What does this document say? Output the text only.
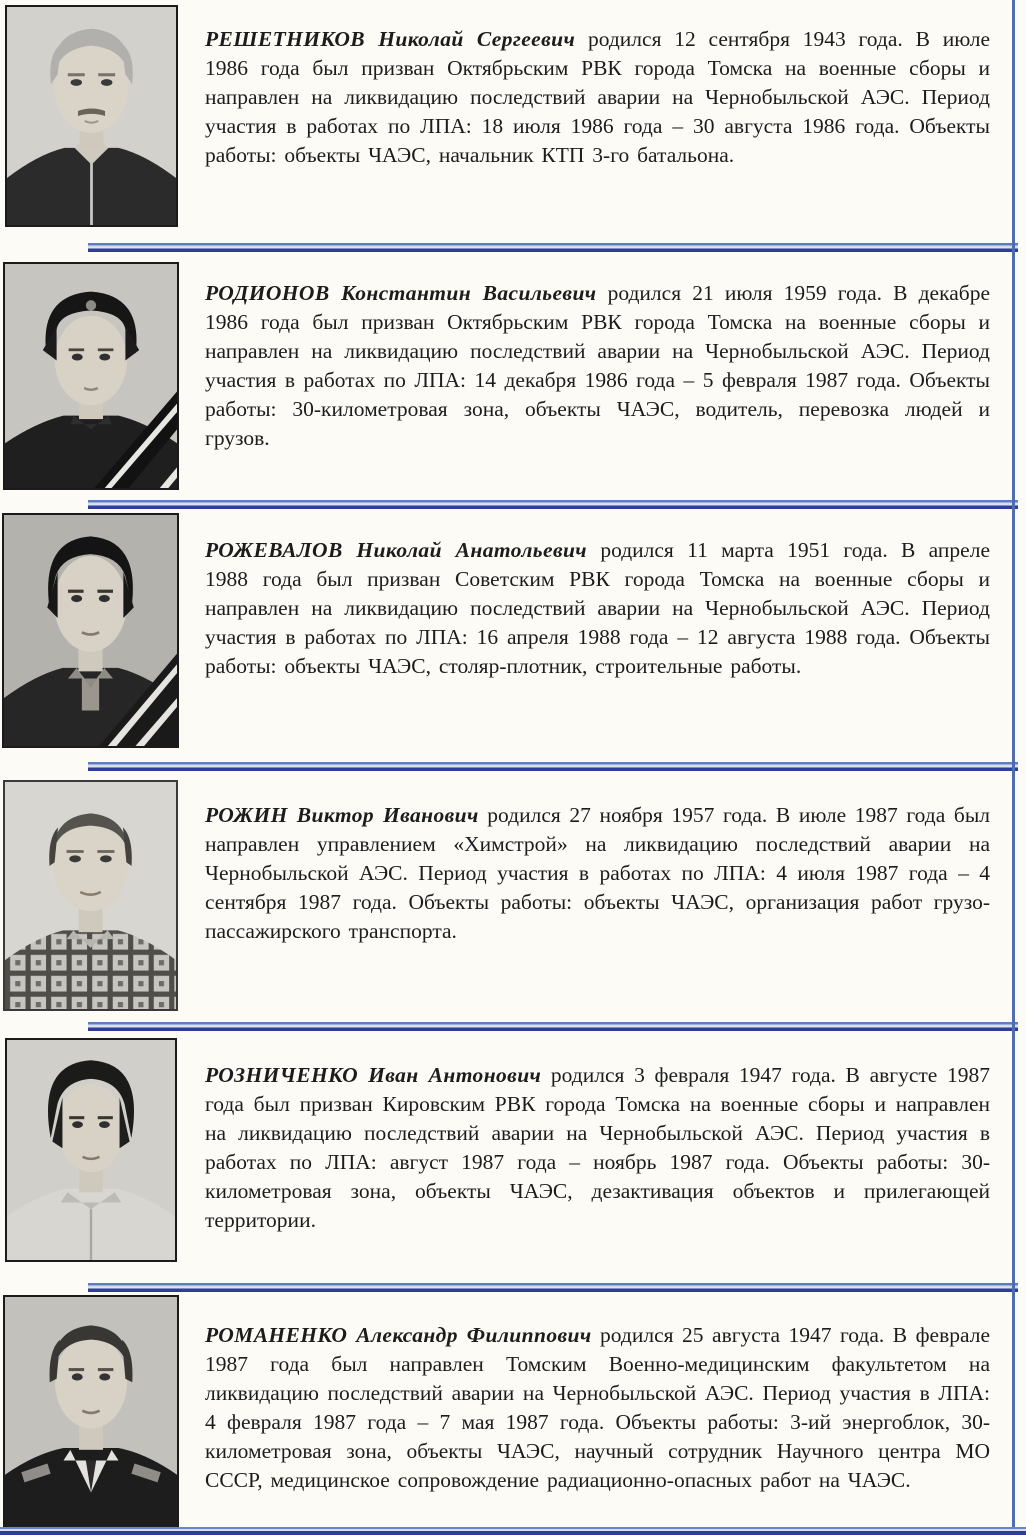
РЕШЕТНИКОВ Николай Сергеевич родился 12 сентября 1943 года. В июле 1986 года был призван Октябрьским РВК города Томска на военные сборы и направлен на ликвидацию последствий аварии на Чернобыльской АЭС. Период участия в работах по ЛПА: 18 июля 1986 года – 30 августа 1986 года. Объекты работы: объекты ЧАЭС, начальник КТП 3-го батальона.

РОДИОНОВ Константин Васильевич родился 21 июля 1959 года. В декабре 1986 года был призван Октябрьским РВК города Томска на военные сборы и направлен на ликвидацию последствий аварии на Чернобыльской АЭС. Период участия в работах по ЛПА: 14 декабря 1986 года – 5 февраля 1987 года. Объекты работы: 30-километровая зона, объекты ЧАЭС, водитель, перевозка людей и грузов.

РОЖЕВАЛОВ Николай Анатольевич родился 11 марта 1951 года. В апреле 1988 года был призван Советским РВК города Томска на военные сборы и направлен на ликвидацию последствий аварии на Чернобыльской АЭС. Период участия в работах по ЛПА: 16 апреля 1988 года – 12 августа 1988 года. Объекты работы: объекты ЧАЭС, столяр-плотник, строительные работы.

РОЖИН Виктор Иванович родился 27 ноября 1957 года. В июле 1987 года был направлен управлением «Химстрой» на ликвидацию последствий аварии на Чернобыльской АЭС. Период участия в работах по ЛПА: 4 июля 1987 года – 4 сентября 1987 года. Объекты работы: объекты ЧАЭС, организация работ грузо-пассажирского транспорта.

РОЗНИЧЕНКО Иван Антонович родился 3 февраля 1947 года. В августе 1987 года был призван Кировским РВК города Томска на военные сборы и направлен на ликвидацию последствий аварии на Чернобыльской АЭС. Период участия в работах по ЛПА: август 1987 года – ноябрь 1987 года. Объекты работы: 30-километровая зона, объекты ЧАЭС, дезактивация объектов и прилегающей территории.

РОМАНЕНКО Александр Филиппович родился 25 августа 1947 года. В феврале 1987 года был направлен Томским Военно-медицинским факультетом на ликвидацию последствий аварии на Чернобыльской АЭС. Период участия в ЛПА: 4 февраля 1987 года – 7 мая 1987 года. Объекты работы: 3-ий энергоблок, 30-километровая зона, объекты ЧАЭС, научный сотрудник Научного центра МО СССР, медицинское сопровождение радиационно-опасных работ на ЧАЭС.
